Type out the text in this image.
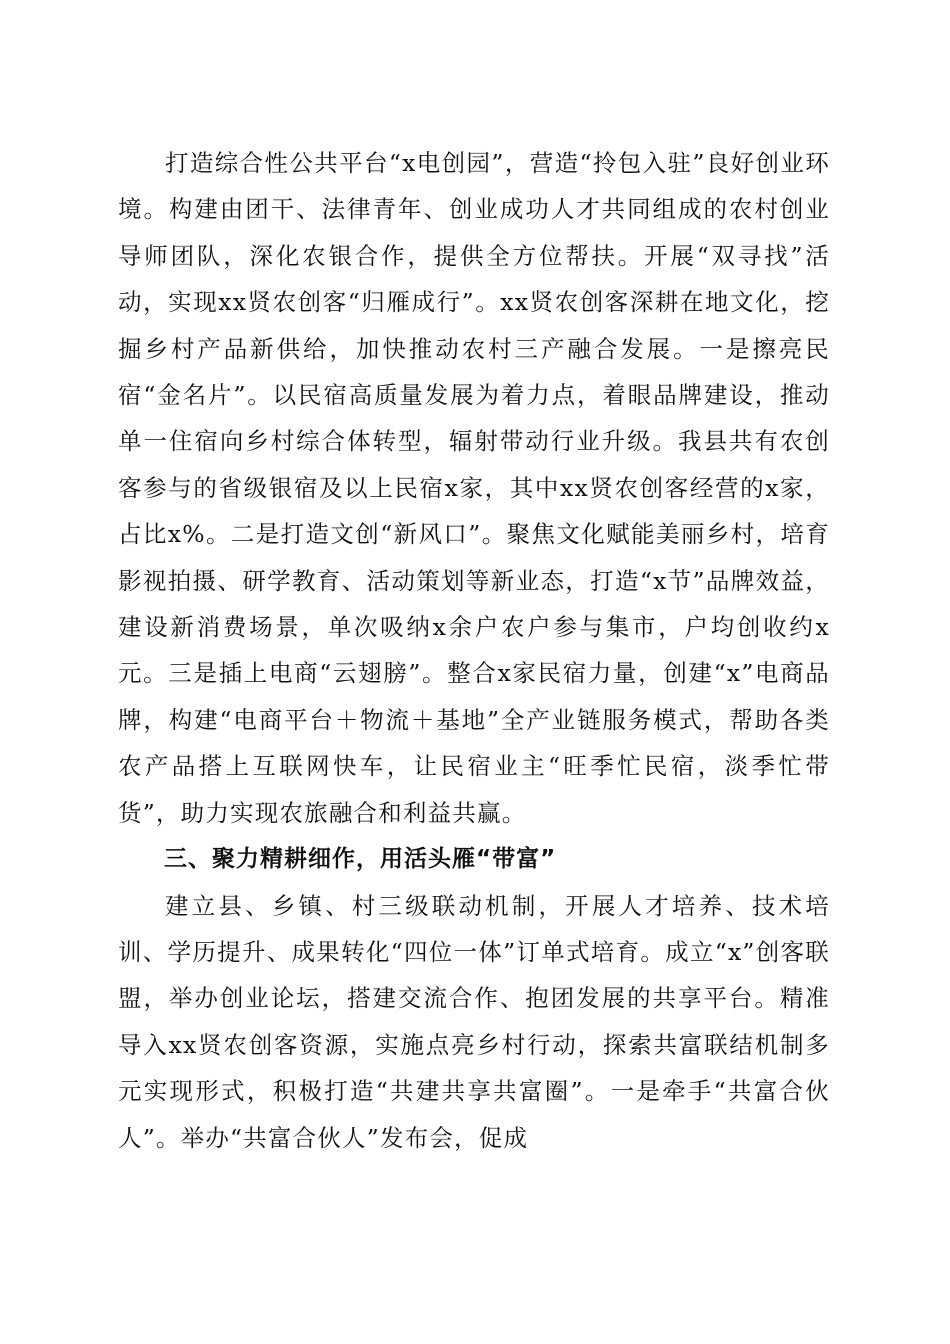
打造综合性公共平台“x电创园”，营造“拎包入驻”良好创业环境。构建由团干、法律青年、创业成功人才共同组成的农村创业导师团队，深化农银合作，提供全方位帮扶。开展“双寻找”活动，实现xx贤农创客“归雁成行”。xx贤农创客深耕在地文化，挖掘乡村产品新供给，加快推动农村三产融合发展。一是擦亮民宿“金名片”。以民宿高质量发展为着力点，着眼品牌建设，推动单一住宿向乡村综合体转型，辐射带动行业升级。我县共有农创客参与的省级银宿及以上民宿x家，其中xx贤农创客经营的x家，占比x%。二是打造文创“新风口”。聚焦文化赋能美丽乡村，培育影视拍摄、研学教育、活动策划等新业态，打造“x节”品牌效益，建设新消费场景，单次吸纳x余户农户参与集市，户均创收约x元。三是插上电商“云翅膀”。整合x家民宿力量，创建“x”电商品牌，构建“电商平台＋物流＋基地”全产业链服务模式，帮助各类农产品搭上互联网快车，让民宿业主“旺季忙民宿，淡季忙带货”，助力实现农旅融合和利益共赢。

三、聚力精耕细作，用活头雁“带富”

建立县、乡镇、村三级联动机制，开展人才培养、技术培训、学历提升、成果转化“四位一体”订单式培育。成立“x”创客联盟，举办创业论坛，搭建交流合作、抱团发展的共享平台。精准导入xx贤农创客资源，实施点亮乡村行动，探索共富联结机制多元实现形式，积极打造“共建共享共富圈”。一是牵手“共富合伙人”。举办“共富合伙人”发布会，促成
